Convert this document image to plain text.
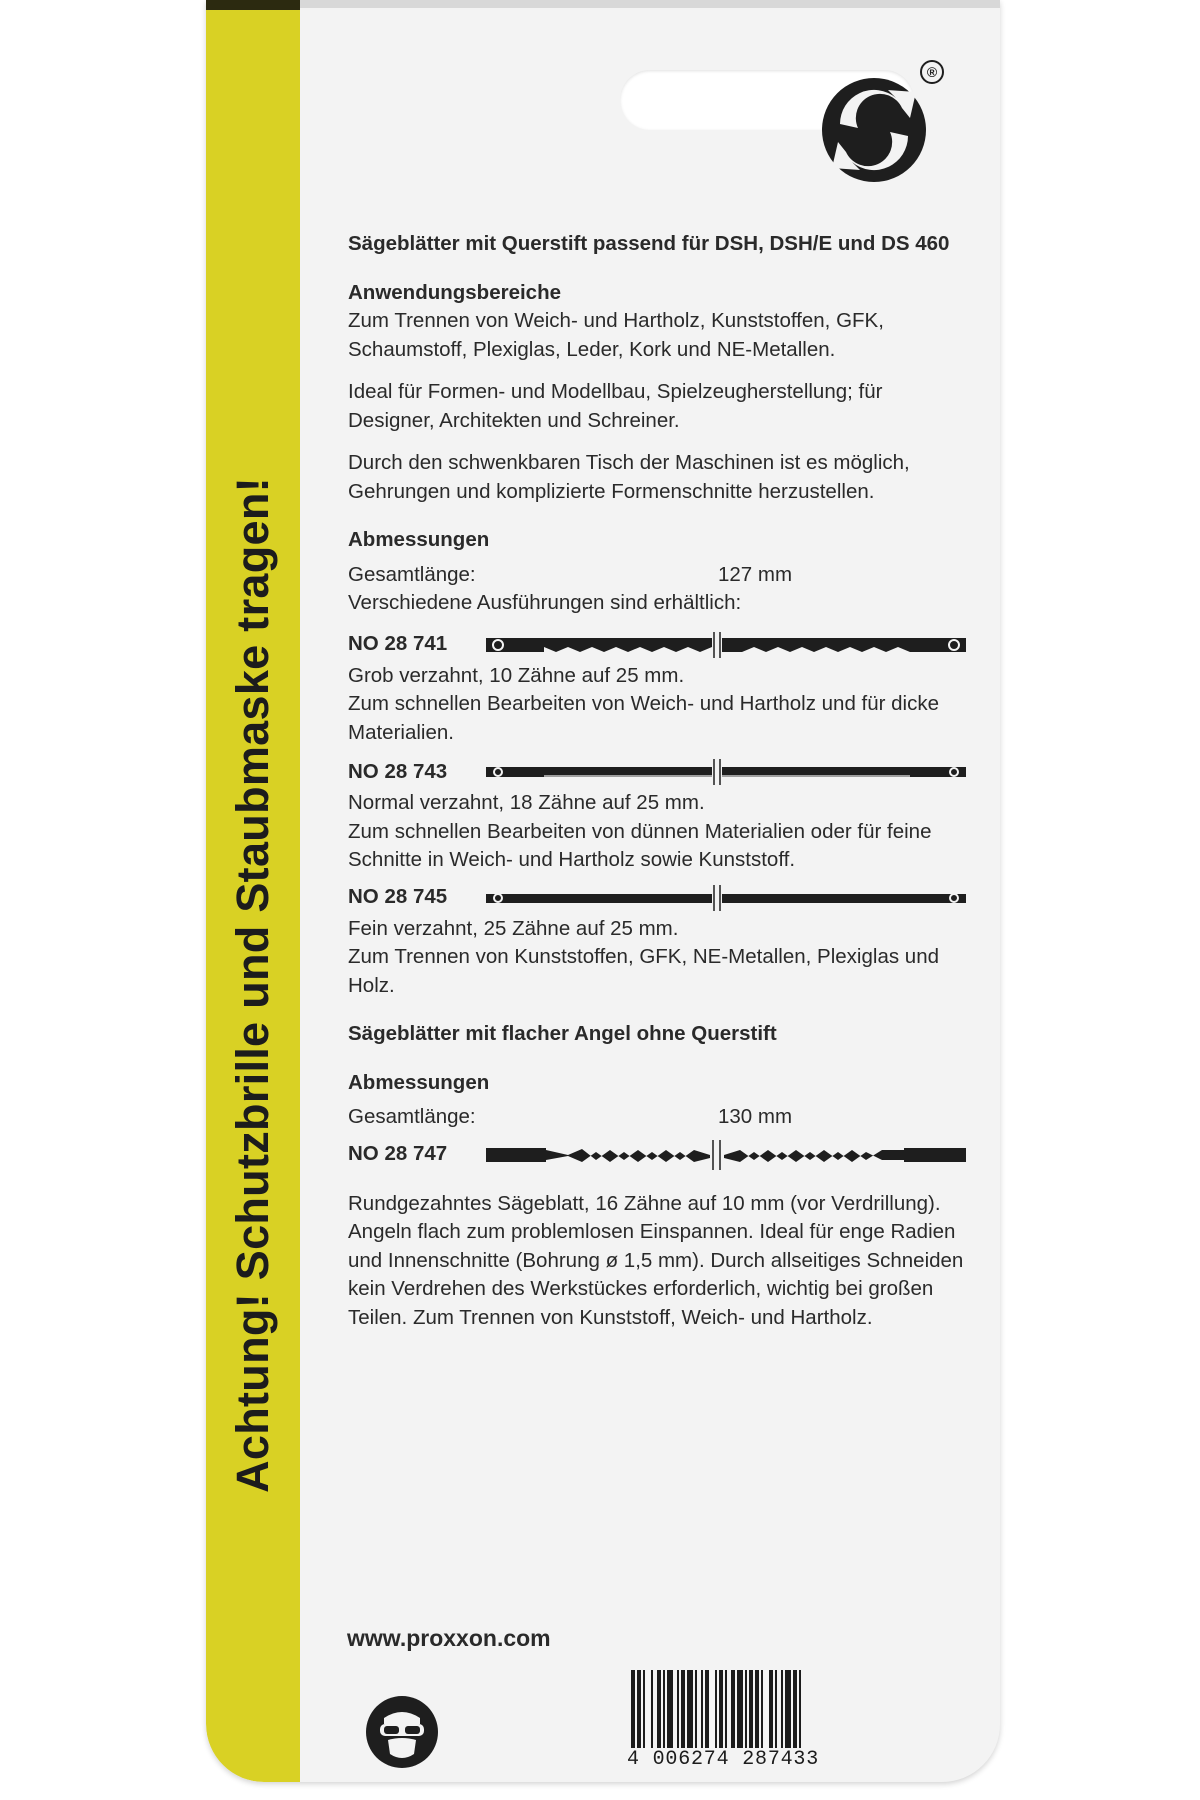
Achtung! Schutzbrille und Staubmaske tragen!
®

Sägeblätter mit Querstift passend für DSH, DSH/E und DS 460

Anwendungsbereiche

Zum Trennen von Weich- und Hartholz, Kunststoffen, GFK, Schaumstoff, Plexiglas, Leder, Kork und NE-Metallen.

Ideal für Formen- und Modellbau, Spielzeugherstellung; für Designer, Architekten und Schreiner.

Durch den schwenkbaren Tisch der Maschinen ist es möglich, Gehrungen und komplizierte Formenschnitte herzustellen.

Abmessungen

Gesamtlänge:	127 mm

Verschiedene Ausführungen sind erhältlich:

NO 28 741

Grob verzahnt, 10 Zähne auf 25 mm.

Zum schnellen Bearbeiten von Weich- und Hartholz und für dicke Materialien.

NO 28 743

Normal verzahnt, 18 Zähne auf 25 mm.

Zum schnellen Bearbeiten von dünnen Materialien oder für feine Schnitte in Weich- und Hartholz sowie Kunststoff.

NO 28 745

Fein verzahnt, 25 Zähne auf 25 mm.

Zum Trennen von Kunststoffen, GFK, NE-Metallen, Plexiglas und Holz.

Sägeblätter mit flacher Angel ohne Querstift

Abmessungen

Gesamtlänge:	130 mm
NO 28 747

Rundgezahntes Sägeblatt, 16 Zähne auf 10 mm (vor Verdrillung). Angeln flach zum problemlosen Einspannen. Ideal für enge Radien und Innenschnitte (Bohrung ø 1,5 mm). Durch allseitiges Schneiden kein Verdrehen des Werkstückes erforderlich, wichtig bei großen Teilen. Zum Trennen von Kunststoff, Weich- und Hartholz.

www.proxxon.com
4 006274 287433
